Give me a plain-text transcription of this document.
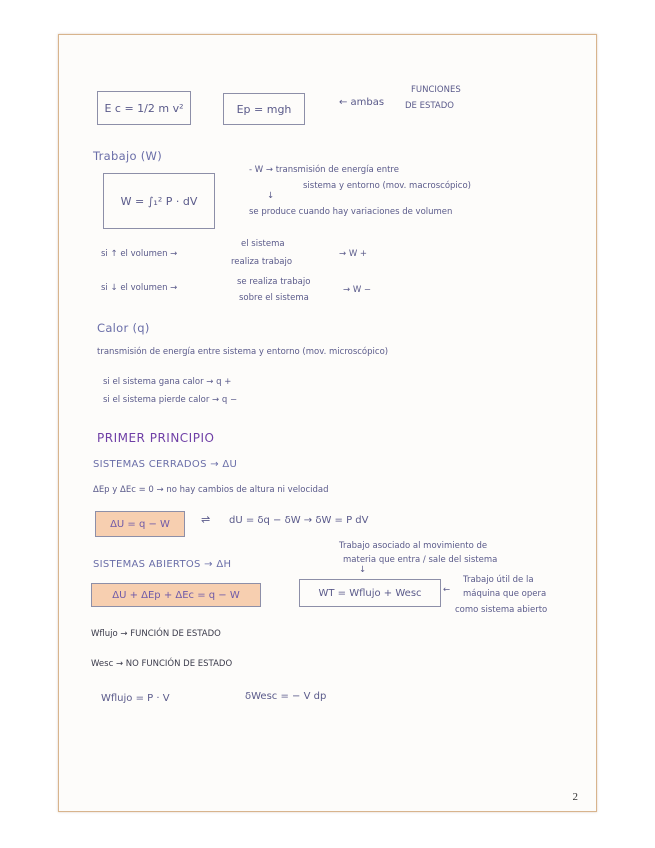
E c = 1/2 m v²	Ep = mgh	← ambas
FUNCIONES
DE ESTADO
Trabajo (W)
W = ∫₁² P · dV
- W → transmisión de energía entre
sistema y entorno (mov. macroscópico)
↓
se produce cuando hay variaciones de volumen
si ↑ el volumen →
el sistema
realiza trabajo
→ W +
si ↓ el volumen →
se realiza trabajo
sobre el sistema
→ W −
Calor (q)
transmisión de energía entre sistema y entorno (mov. microscópico)
si el sistema gana calor → q +
si el sistema pierde calor → q −
PRIMER PRINCIPIO
SISTEMAS CERRADOS → ΔU
ΔEp y ΔEc = 0 → no hay cambios de altura ni velocidad
ΔU = q − W	⇌ dU = δq − δW → δW = P dV
Trabajo asociado al movimiento de
materia que entra / sale del sistema
↓
SISTEMAS ABIERTOS → ΔH
ΔU + ΔEp + ΔEc = q − W	WT = Wflujo + Wesc	←
Trabajo útil de la
máquina que opera
como sistema abierto
Wflujo → FUNCIÓN DE ESTADO
Wesc → NO FUNCIÓN DE ESTADO
Wflujo = P · V	δWesc = − V dp
2
